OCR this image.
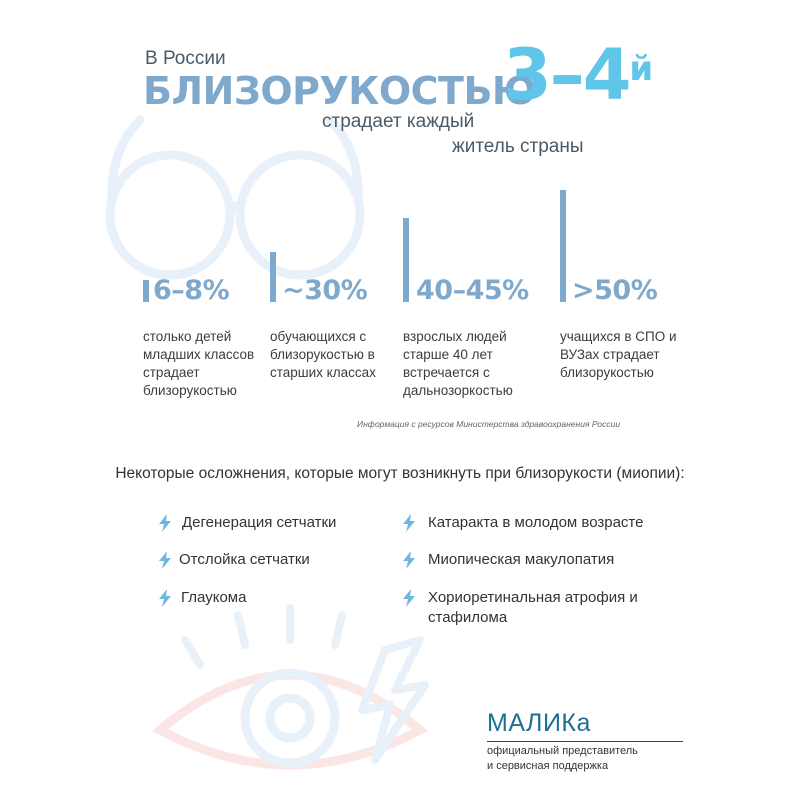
В России
БЛИЗОРУКОСТЬЮ
$3-4^й$
страдает каждый
житель страны
6–8%
столько детей младших классов страдает близорукостью
~30%
обучающихся с близорукостью в старших классах
40–45%
взрослых людей старше 40 лет встречается с дальнозоркостью
>50%
учащихся в СПО и ВУЗах страдает близорукостью
Информация с ресурсов Министерства здравоохранения России
Некоторые осложнения, которые могут возникнуть при близорукости (миопии):
Дегенерация сетчатки
Отслойка сетчатки
Глаукома
Катаракта в молодом возрасте
Миопическая макулопатия
Хориоретинальная атрофия и стафилома
МАЛИКа
официальный представитель
и сервисная поддержка
